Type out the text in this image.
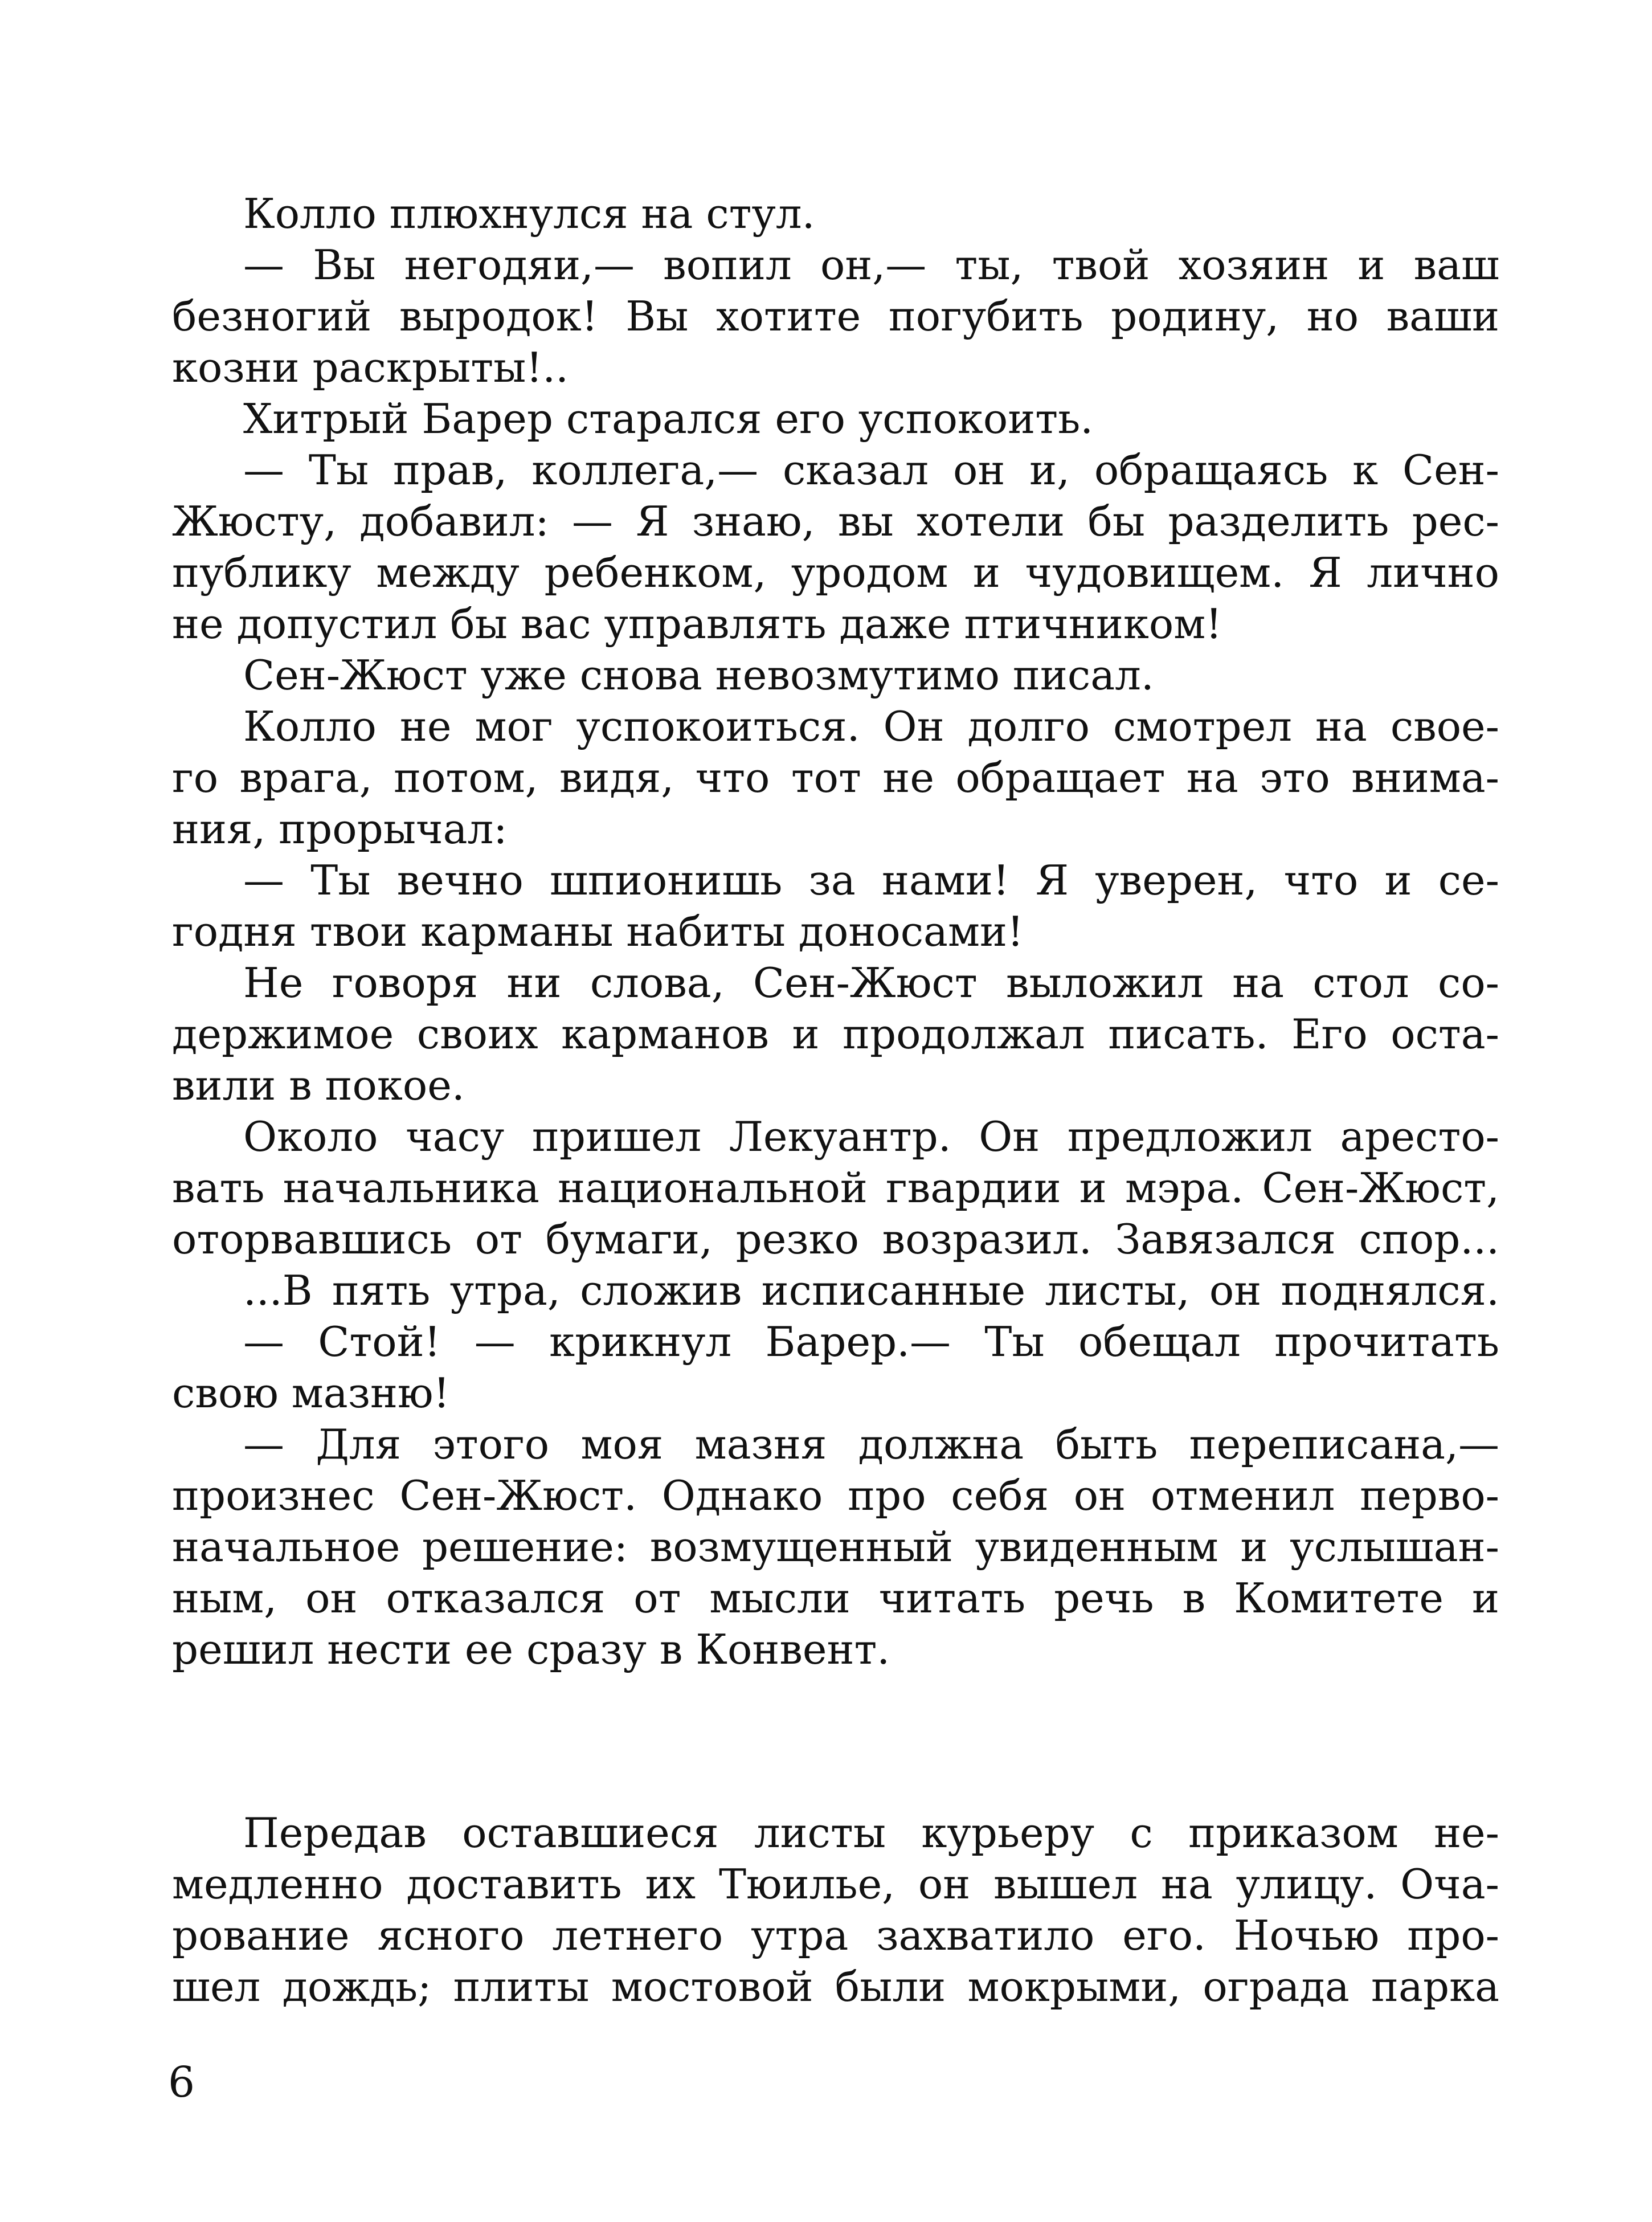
Колло плюхнулся на стул.
— Вы негодяи,— вопил он,— ты, твой хозяин и ваш
безногий выродок! Вы хотите погубить родину, но ваши
козни раскрыты!..
Хитрый Барер старался его успокоить.
— Ты прав, коллега,— сказал он и, обращаясь к Сен-
Жюсту, добавил: — Я знаю, вы хотели бы разделить рес-
публику между ребенком, уродом и чудовищем. Я лично
не допустил бы вас управлять даже птичником!
Сен-Жюст уже снова невозмутимо писал.
Колло не мог успокоиться. Он долго смотрел на свое-
го врага, потом, видя, что тот не обращает на это внима-
ния, прорычал:
— Ты вечно шпионишь за нами! Я уверен, что и се-
годня твои карманы набиты доносами!
Не говоря ни слова, Сен-Жюст выложил на стол со-
держимое своих карманов и продолжал писать. Его оста-
вили в покое.
Около часу пришел Лекуантр. Он предложил аресто-
вать начальника национальной гвардии и мэра. Сен-Жюст,
оторвавшись от бумаги, резко возразил. Завязался спор...
...В пять утра, сложив исписанные листы, он поднялся.
— Стой! — крикнул Барер.— Ты обещал прочитать
свою мазню!
— Для этого моя мазня должна быть переписана,—
произнес Сен-Жюст. Однако про себя он отменил перво-
начальное решение: возмущенный увиденным и услышан-
ным, он отказался от мысли читать речь в Комитете и
решил нести ее сразу в Конвент.
Передав оставшиеся листы курьеру с приказом не-
медленно доставить их Тюилье, он вышел на улицу. Оча-
рование ясного летнего утра захватило его. Ночью про-
шел дождь; плиты мостовой были мокрыми, ограда парка
6
